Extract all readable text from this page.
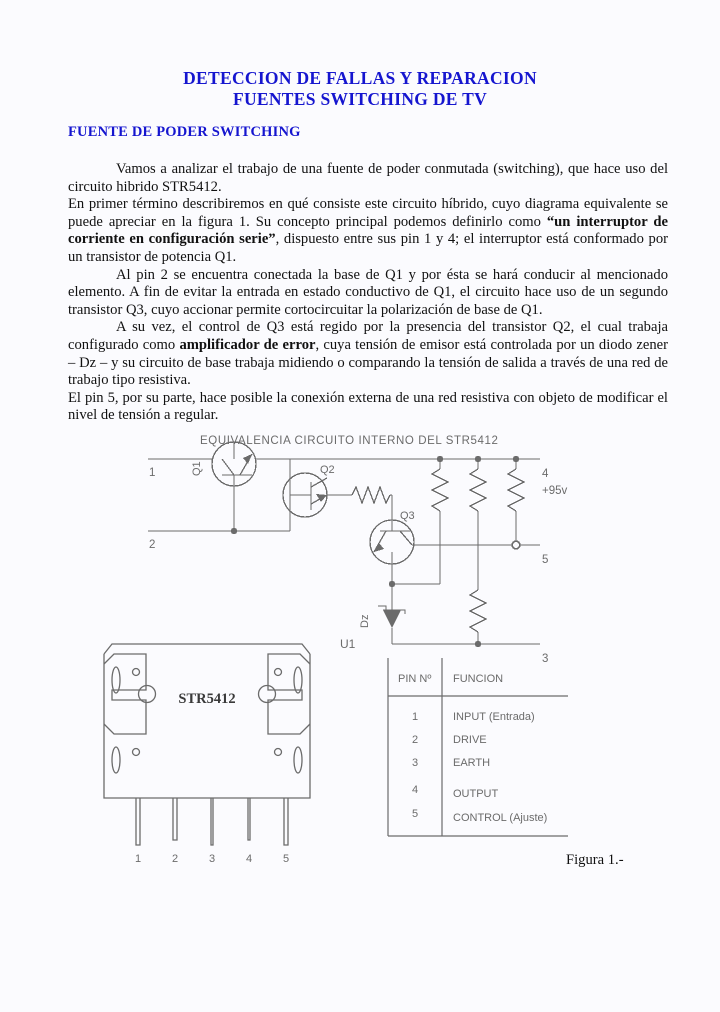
DETECCION DE FALLAS Y REPARACION
FUENTES SWITCHING DE TV
FUENTE DE PODER SWITCHING

Vamos a analizar el trabajo de una fuente de poder conmutada (switching), que hace uso del circuito hibrido STR5412.

En primer término describiremos en qué consiste este circuito híbrido, cuyo diagrama equivalente se puede apreciar en la figura 1. Su concepto principal podemos definirlo como “un interruptor de corriente en configuración serie”, dispuesto entre sus pin 1 y 4; el interruptor está conformado por un transistor de potencia Q1.

Al pin 2 se encuentra conectada la base de Q1 y por ésta se hará conducir al mencionado elemento. A fin de evitar la entrada en estado conductivo de Q1, el circuito hace uso de un segundo transistor Q3, cuyo accionar permite cortocircuitar la polarización de base de Q1.

A su vez, el control de Q3 está regido por la presencia del transistor Q2, el cual trabaja configurado como amplificador de error, cuya tensión de emisor está controlada por un diodo zener – Dz – y su circuito de base trabaja midiendo o comparando la tensión de salida a través de una red de trabajo tipo resistiva.

El pin 5, por su parte, hace posible la conexión externa de una red resistiva con objeto de modificar el nivel de tensión a regular.

EQUIVALENCIA CIRCUITO INTERNO DEL STR5412
Q1	Q2
Q3
Dz
U1
1
2
4
+95v
5
3
STR5412
1	2	3	4	5
PIN Nº FUNCION
1	INPUT (Entrada)
2	DRIVE
3	EARTH
4	OUTPUT
5	CONTROL (Ajuste)
Figura 1.-
